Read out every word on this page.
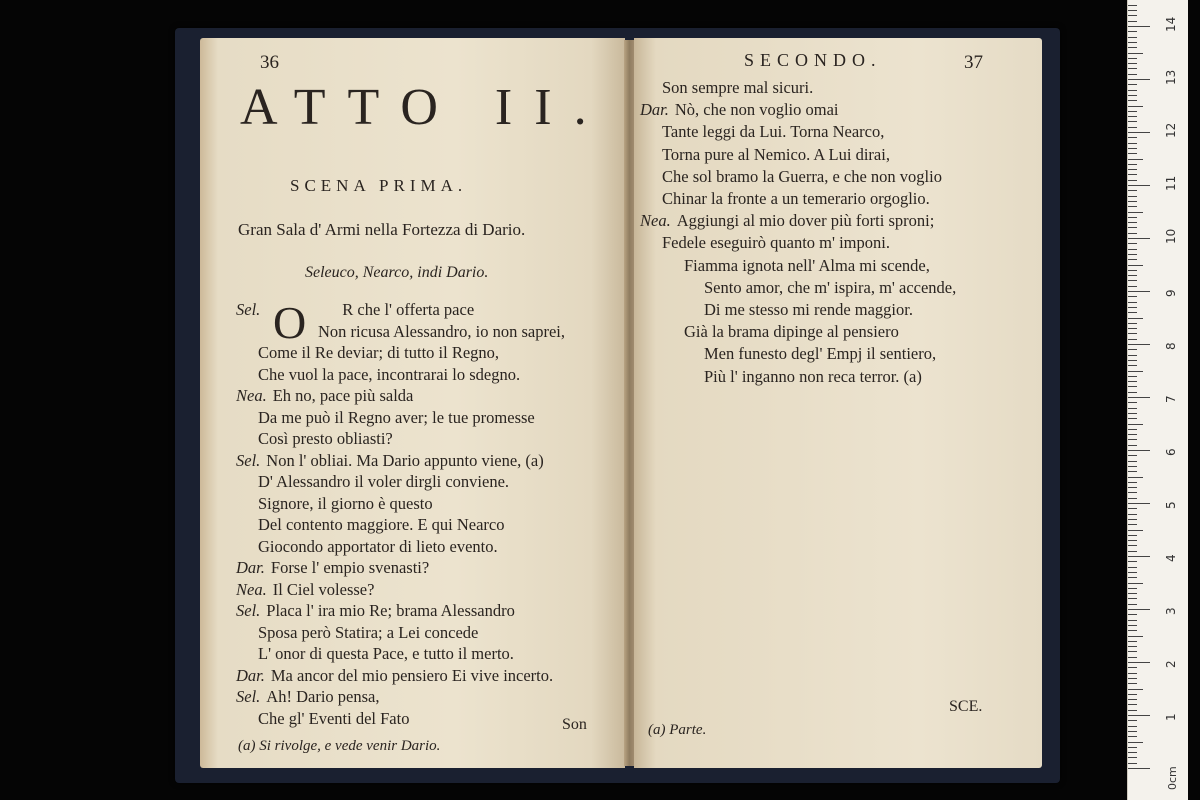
36
ATTO II.
SCENA PRIMA.
Gran Sala d' Armi nella Fortezza di Dario.
Seleuco, Nearco, indi Dario.
O
Sel.	R che l' offerta pace
Non ricusa Alessandro, io non saprei,
Come il Re deviar; di tutto il Regno,
Che vuol la pace, incontrarai lo sdegno.
Nea. Eh no, pace più salda
Da me può il Regno aver; le tue promesse
Così presto obliasti?
Sel. Non l' obliai. Ma Dario appunto viene, (a)
D' Alessandro il voler dirgli conviene.
Signore, il giorno è questo
Del contento maggiore. E qui Nearco
Giocondo apportator di lieto evento.
Dar. Forse l' empio svenasti?
Nea. Il Ciel volesse?
Sel. Placa l' ira mio Re; brama Alessandro
Sposa però Statira; a Lei concede
L' onor di questa Pace, e tutto il merto.
Dar. Ma ancor del mio pensiero Ei vive incerto.
Sel. Ah! Dario pensa,
Che gl' Eventi del Fato	Son
(a) Si rivolge, e vede venir Dario.
SECONDO.	37
Son sempre mal sicuri.
Dar. Nò, che non voglio omai
Tante leggi da Lui. Torna Nearco,
Torna pure al Nemico. A Lui dirai,
Che sol bramo la Guerra, e che non voglio
Chinar la fronte a un temerario orgoglio.
Nea. Aggiungi al mio dover più forti sproni;
Fedele eseguirò quanto m' imponi.
Fiamma ignota nell' Alma mi scende,
Sento amor, che m' ispira, m' accende,
Di me stesso mi rende maggior.
Già la brama dipinge al pensiero
Men funesto degl' Empj il sentiero,
Più l' inganno non reca terror. (a)
SCE.
(a) Parte.
0cm
1
2
3
4
5
6
7
8
9
10
11
12
13
14
